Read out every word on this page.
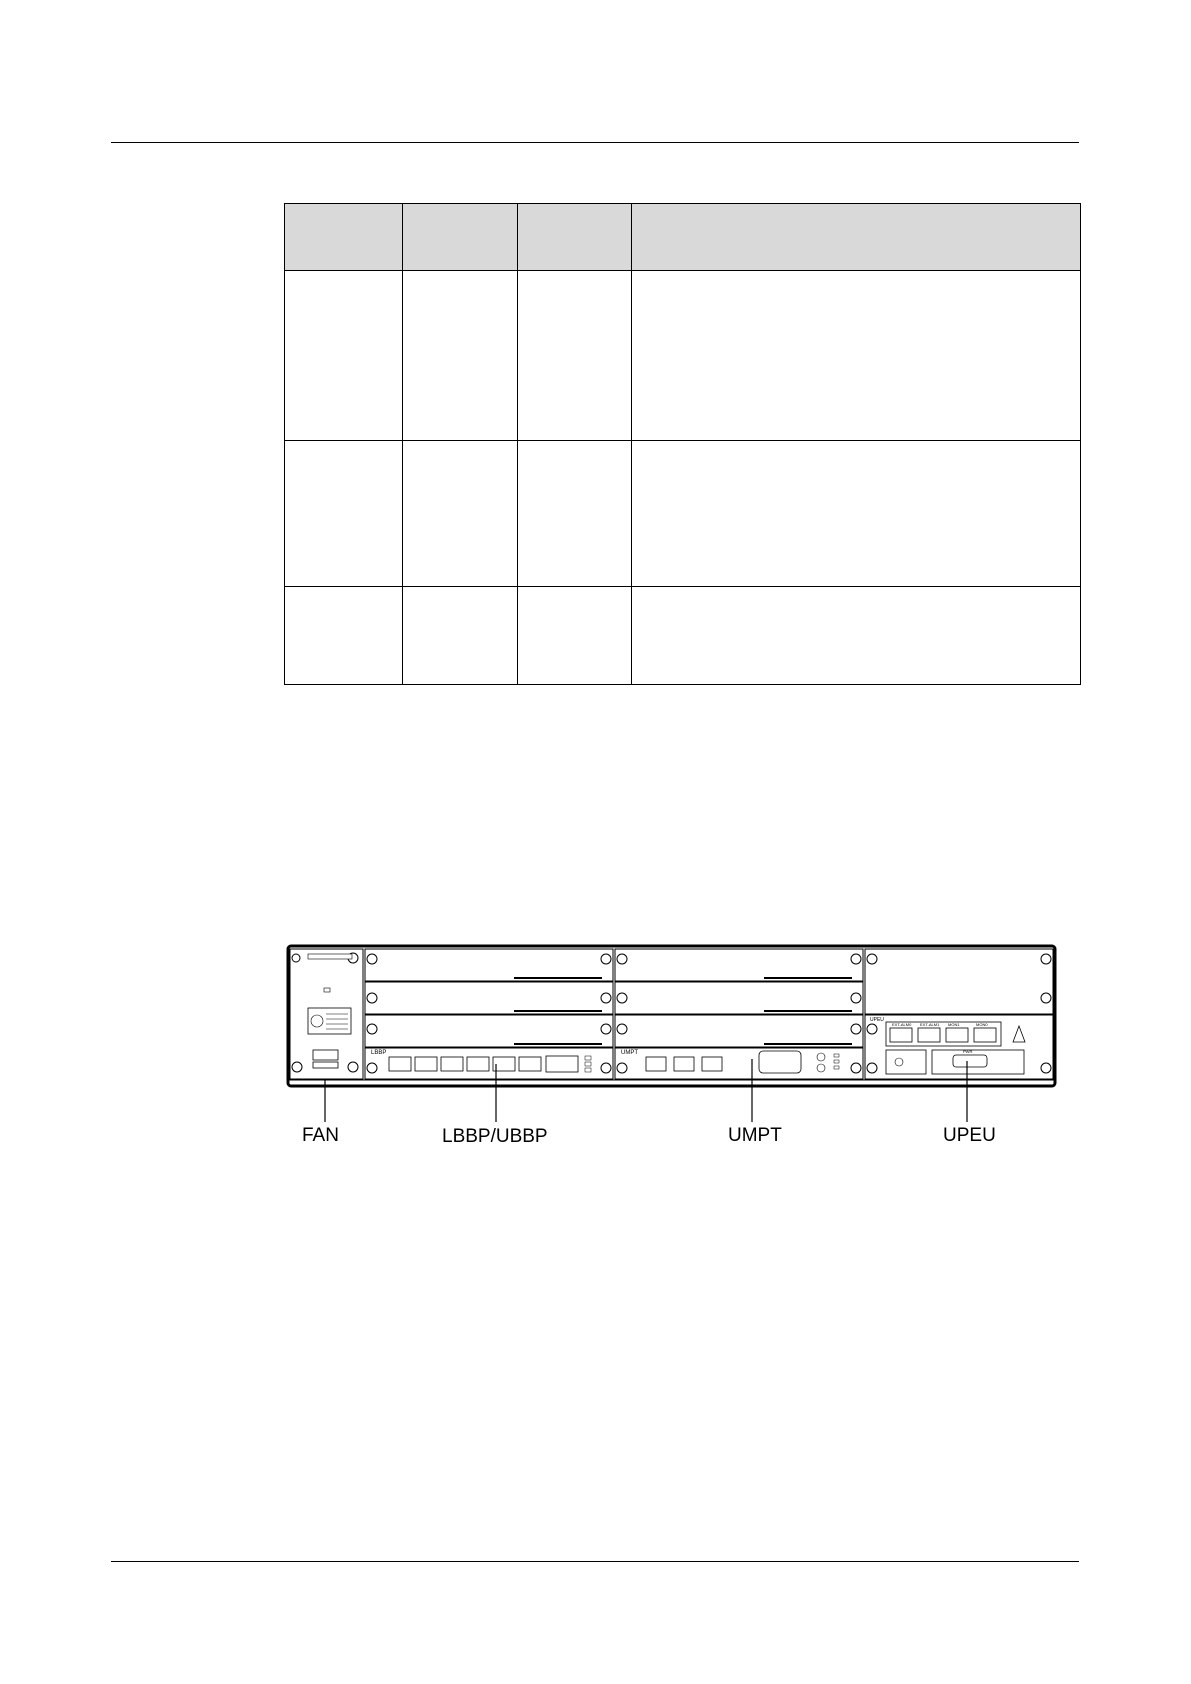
LBBP	UMPT
UPEU
EXT-ALM0 EXT-ALM1 MON1	MON0
PWR
FAN	LBBP/UBBP	UMPT	UPEU
